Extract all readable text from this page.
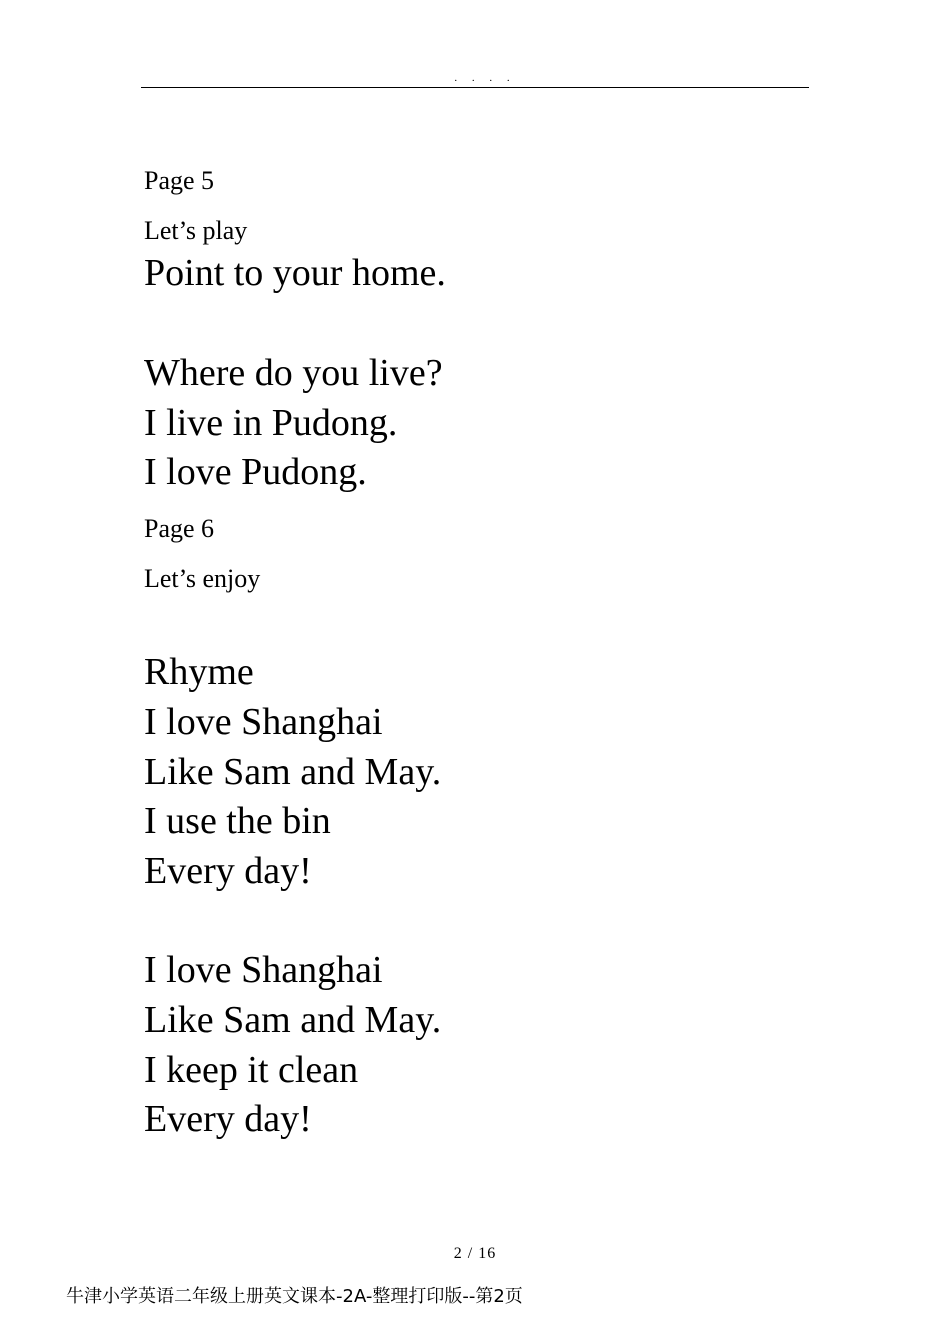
. . . .
Page 5
Let’s play
Point to your home.
Where do you live?
I live in Pudong.
I love Pudong.
Page 6
Let’s enjoy
Rhyme
I love Shanghai
Like Sam and May.
I use the bin
Every day!
I love Shanghai
Like Sam and May.
I keep it clean
Every day!
2 / 16
牛津小学英语二年级上册英文课本-2A-整理打印版--第2页
